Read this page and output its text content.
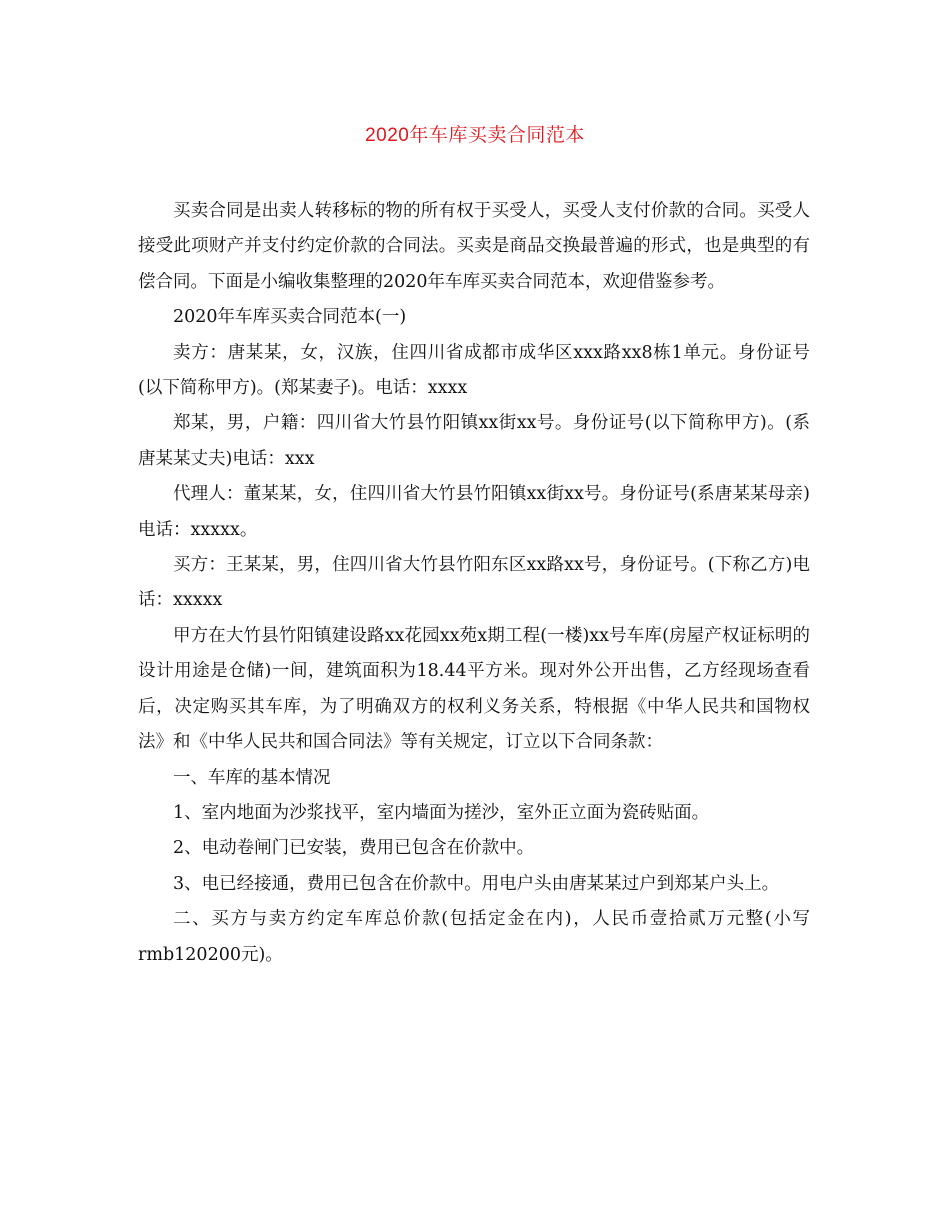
2020年车库买卖合同范本

买卖合同是出卖人转移标的物的所有权于买受人，买受人支付价款的合同。买受人接受此项财产并支付约定价款的合同法。买卖是商品交换最普遍的形式，也是典型的有偿合同。下面是小编收集整理的2020年车库买卖合同范本，欢迎借鉴参考。

2020年车库买卖合同范本(一)

卖方：唐某某，女，汉族，住四川省成都市成华区xxx路xx8栋1单元。身份证号(以下简称甲方)。(郑某妻子)。电话：xxxx

郑某，男，户籍：四川省大竹县竹阳镇xx街xx号。身份证号(以下简称甲方)。(系唐某某丈夫)电话：xxx

代理人：董某某，女，住四川省大竹县竹阳镇xx街xx号。身份证号(系唐某某母亲)电话：xxxxx。

买方：王某某，男，住四川省大竹县竹阳东区xx路xx号，身份证号。(下称乙方)电话：xxxxx

甲方在大竹县竹阳镇建设路xx花园xx苑x期工程(一楼)xx号车库(房屋产权证标明的设计用途是仓储)一间，建筑面积为18.44平方米。现对外公开出售，乙方经现场查看后，决定购买其车库，为了明确双方的权利义务关系，特根据《中华人民共和国物权法》和《中华人民共和国合同法》等有关规定，订立以下合同条款：

一、车库的基本情况

1、室内地面为沙浆找平，室内墙面为搓沙，室外正立面为瓷砖贴面。

2、电动卷闸门已安装，费用已包含在价款中。

3、电已经接通，费用已包含在价款中。用电户头由唐某某过户到郑某户头上。

二、买方与卖方约定车库总价款(包括定金在内)，人民币壹拾贰万元整(小写rmb120200元)。
